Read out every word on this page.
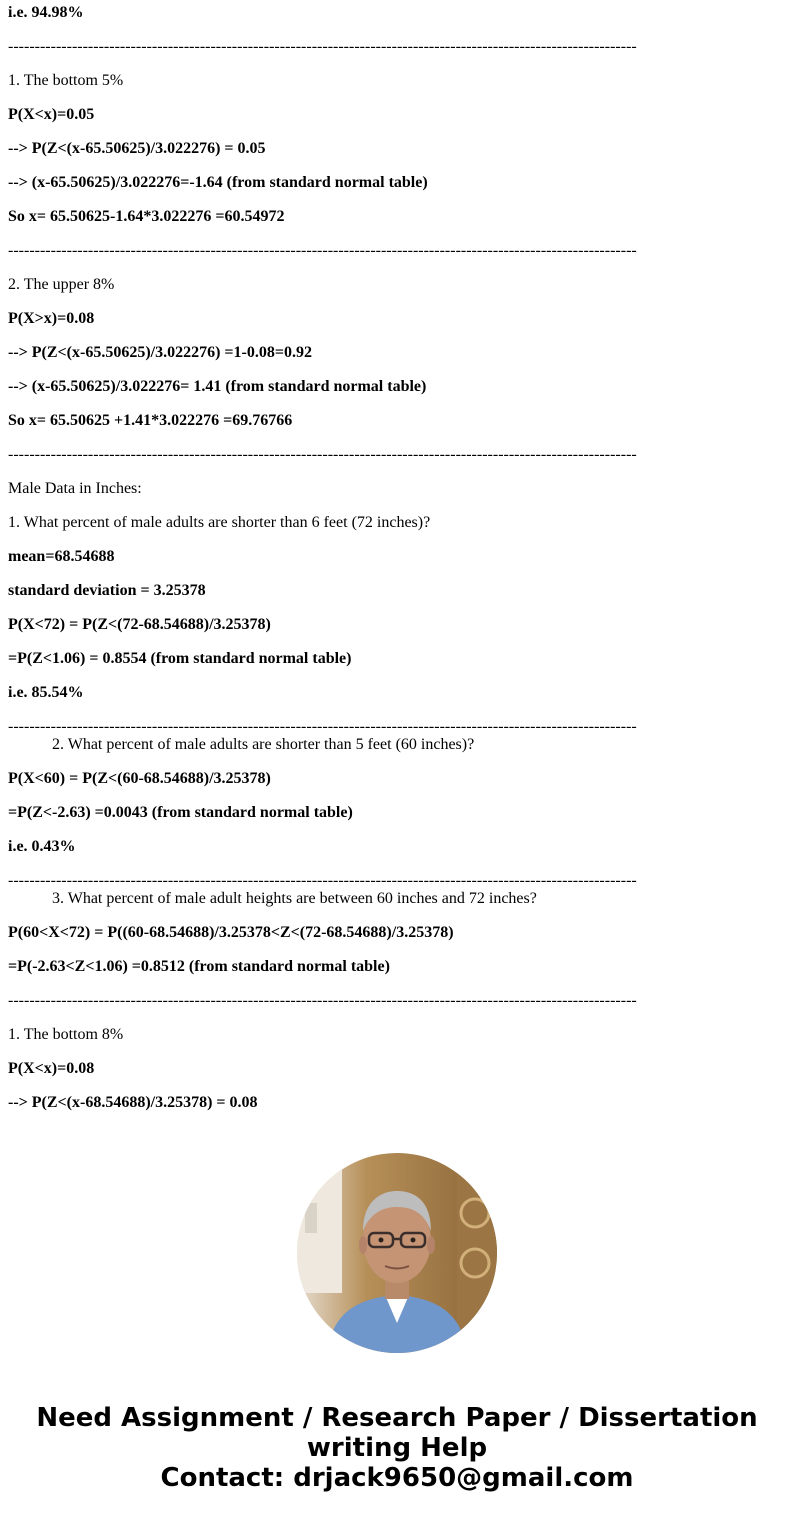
i.e. 94.98%
----------------------------------------------------------------------------------------------------------------------
1. The bottom 5%
P(X<x)=0.05
--> P(Z<(x-65.50625)/3.022276) = 0.05
--> (x-65.50625)/3.022276=-1.64 (from standard normal table)
So x= 65.50625-1.64*3.022276 =60.54972
----------------------------------------------------------------------------------------------------------------------
2. The upper 8%
P(X>x)=0.08
--> P(Z<(x-65.50625)/3.022276) =1-0.08=0.92
--> (x-65.50625)/3.022276= 1.41 (from standard normal table)
So x= 65.50625 +1.41*3.022276 =69.76766
----------------------------------------------------------------------------------------------------------------------
Male Data in Inches:
1. What percent of male adults are shorter than 6 feet (72 inches)?
mean=68.54688
standard deviation = 3.25378
P(X<72) = P(Z<(72-68.54688)/3.25378)
=P(Z<1.06) = 0.8554 (from standard normal table)
i.e. 85.54%
----------------------------------------------------------------------------------------------------------------------
2. What percent of male adults are shorter than 5 feet (60 inches)?
P(X<60) = P(Z<(60-68.54688)/3.25378)
=P(Z<-2.63) =0.0043 (from standard normal table)
i.e. 0.43%
----------------------------------------------------------------------------------------------------------------------
3. What percent of male adult heights are between 60 inches and 72 inches?
P(60<X<72) = P((60-68.54688)/3.25378<Z<(72-68.54688)/3.25378)
=P(-2.63<Z<1.06) =0.8512 (from standard normal table)
----------------------------------------------------------------------------------------------------------------------
1. The bottom 8%
P(X<x)=0.08
--> P(Z<(x-68.54688)/3.25378) = 0.08
Need Assignment / Research Paper / Dissertation
writing Help
Contact: drjack9650@gmail.com
